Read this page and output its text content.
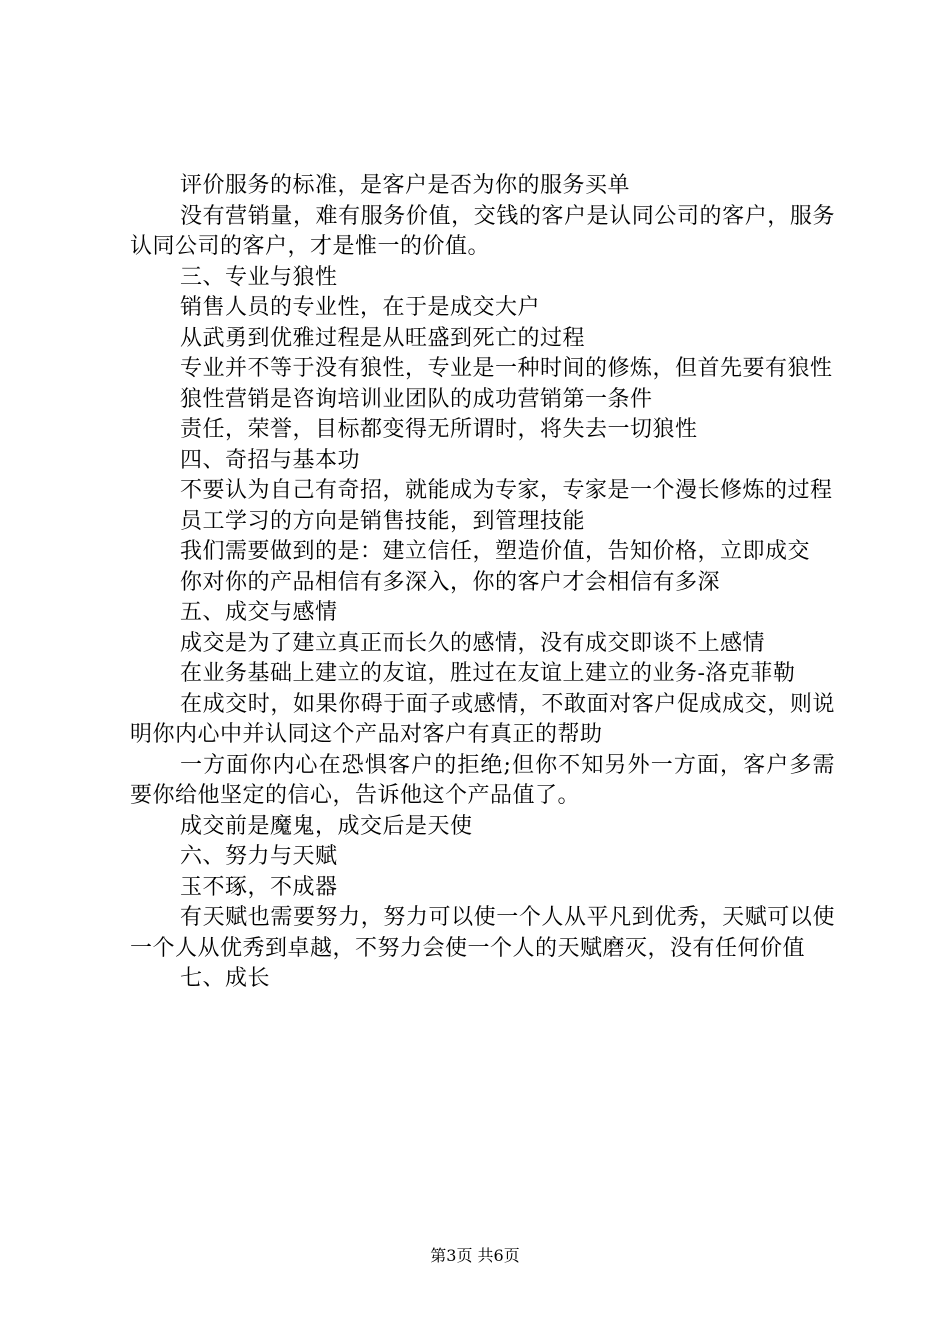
评价服务的标准，是客户是否为你的服务买单

没有营销量，难有服务价值，交钱的客户是认同公司的客户，服务认同公司的客户，才是惟一的价值。

三、专业与狼性

销售人员的专业性，在于是成交大户

从武勇到优雅过程是从旺盛到死亡的过程

专业并不等于没有狼性，专业是一种时间的修炼，但首先要有狼性

狼性营销是咨询培训业团队的成功营销第一条件

责任，荣誉，目标都变得无所谓时，将失去一切狼性

四、奇招与基本功

不要认为自己有奇招，就能成为专家，专家是一个漫长修炼的过程

员工学习的方向是销售技能，到管理技能

我们需要做到的是：建立信任，塑造价值，告知价格，立即成交

你对你的产品相信有多深入，你的客户才会相信有多深

五、成交与感情

成交是为了建立真正而长久的感情，没有成交即谈不上感情

在业务基础上建立的友谊，胜过在友谊上建立的业务-洛克菲勒

在成交时，如果你碍于面子或感情，不敢面对客户促成成交，则说明你内心中并认同这个产品对客户有真正的帮助

一方面你内心在恐惧客户的拒绝;但你不知另外一方面，客户多需要你给他坚定的信心，告诉他这个产品值了。

成交前是魔鬼，成交后是天使

六、努力与天赋

玉不琢，不成器

有天赋也需要努力，努力可以使一个人从平凡到优秀，天赋可以使一个人从优秀到卓越，不努力会使一个人的天赋磨灭，没有任何价值

七、成长

第3页 共6页
